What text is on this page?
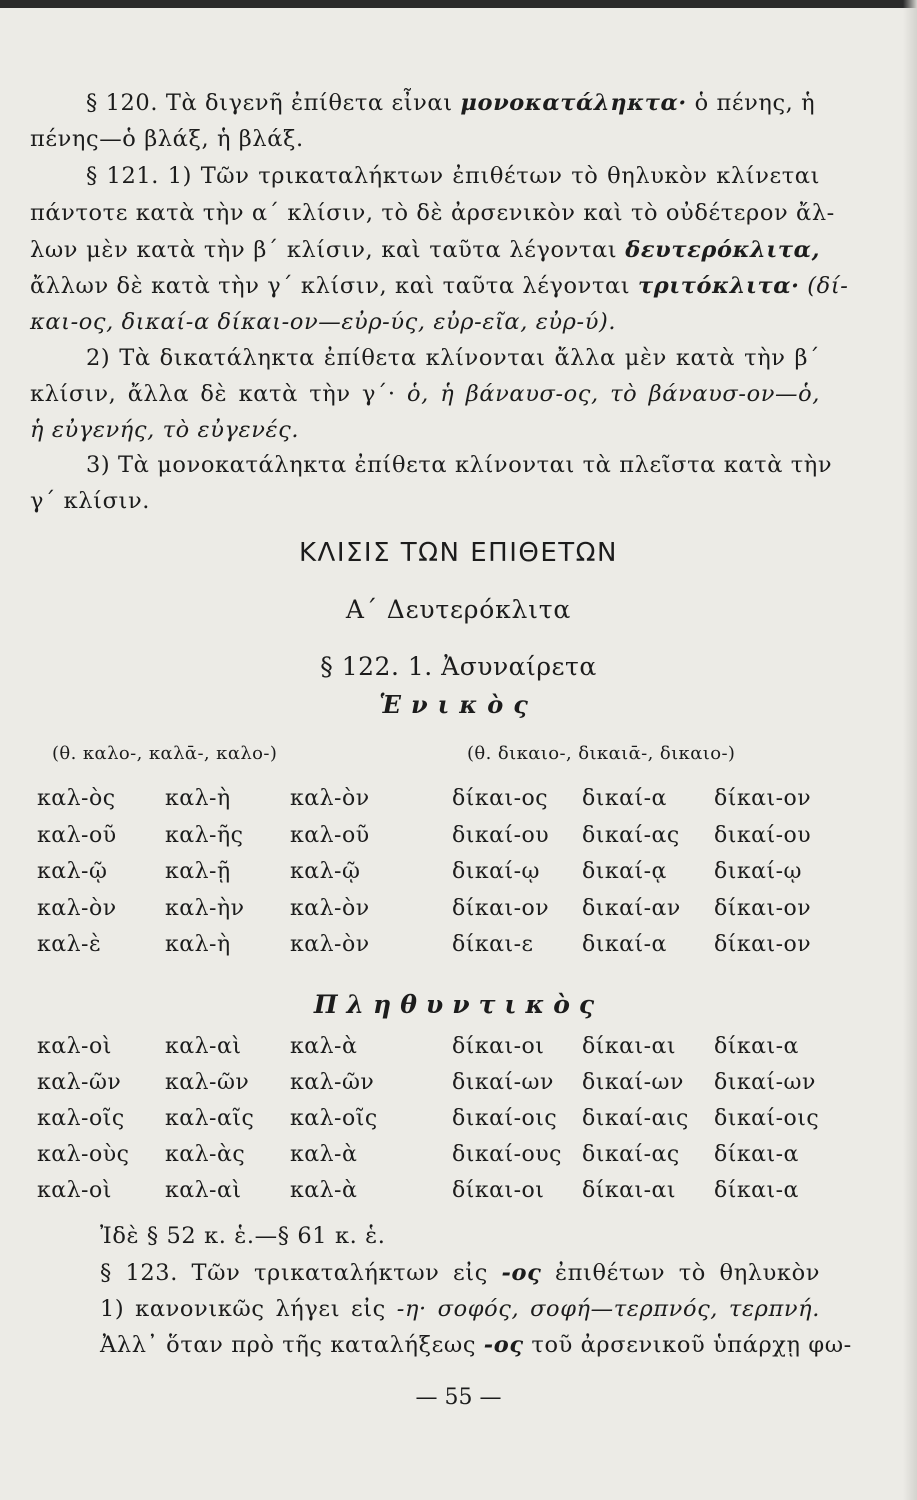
§ 120. Τὰ διγενῆ ἐπίθετα εἶναι μονοκατάληκτα· ὁ πένης, ἡ
πένης—ὁ βλάξ, ἡ βλάξ.
§ 121. 1) Τῶν τρικαταλήκτων ἐπιθέτων τὸ θηλυκὸν κλίνεται
πάντοτε κατὰ τὴν α΄ κλίσιν, τὸ δὲ ἀρσενικὸν καὶ τὸ οὐδέτερον ἄλ-
λων μὲν κατὰ τὴν β΄ κλίσιν, καὶ ταῦτα λέγονται δευτερόκλιτα,
ἄλλων δὲ κατὰ τὴν γ΄ κλίσιν, καὶ ταῦτα λέγονται τριτόκλιτα· (δί-
και-ος, δικαί-α δίκαι-ον—εὐρ-ύς, εὐρ-εῖα, εὐρ-ύ).
2) Τὰ δικατάληκτα ἐπίθετα κλίνονται ἄλλα μὲν κατὰ τὴν β΄
κλίσιν, ἄλλα δὲ κατὰ τὴν γ΄· ὁ, ἡ βάναυσ-ος, τὸ βάναυσ-ον—ὁ,
ἡ εὐγενής, τὸ εὐγενές.
3) Τὰ μονοκατάληκτα ἐπίθετα κλίνονται τὰ πλεῖστα κατὰ τὴν
γ΄ κλίσιν.
ΚΛΙΣΙΣ ΤΩΝ ΕΠΙΘΕΤΩΝ
Α΄ Δευτερόκλιτα
§ 122. 1. Ἀσυναίρετα
Ἑνικὸς
(θ. καλο-, καλᾱ-, καλο-)	(θ. δικαιο-, δικαιᾱ-, δικαιο-)
καλ-ὸς καλ-ὴ	καλ-ὸν	δίκαι-ος δικαί-α δίκαι-ον
καλ-οῦ καλ-ῆς καλ-οῦ	δικαί-ου δικαί-ας δικαί-ου
καλ-ῷ	καλ-ῇ	καλ-ῷ	δικαί-ῳ δικαί-ᾳ δικαί-ῳ
καλ-ὸν καλ-ὴν καλ-ὸν	δίκαι-ον δικαί-αν δίκαι-ον
καλ-ὲ	καλ-ὴ	καλ-ὸν	δίκαι-ε δικαί-α δίκαι-ον
Πληθυντικὸς
καλ-οὶ καλ-αὶ καλ-ὰ	δίκαι-οι δίκαι-αι δίκαι-α
καλ-ῶν καλ-ῶν καλ-ῶν	δικαί-ων δικαί-ων δικαί-ων
καλ-οῖς καλ-αῖς καλ-οῖς	δικαί-οις δικαί-αις δικαί-οις
καλ-οὺς καλ-ὰς καλ-ὰ	δικαί-ους δικαί-ας δίκαι-α
καλ-οὶ καλ-αὶ καλ-ὰ	δίκαι-οι δίκαι-αι δίκαι-α
Ἰδὲ § 52 κ. ἑ.—§ 61 κ. ἑ.
§ 123. Τῶν τρικαταλήκτων εἰς -ος ἐπιθέτων τὸ θηλυκὸν
1) κανονικῶς λήγει εἰς -η· σοφός, σοφή—τερπνός, τερπνή.
Ἀλλ᾽ ὅταν πρὸ τῆς καταλήξεως -ος τοῦ ἀρσενικοῦ ὑπάρχῃ φω-
— 55 —
